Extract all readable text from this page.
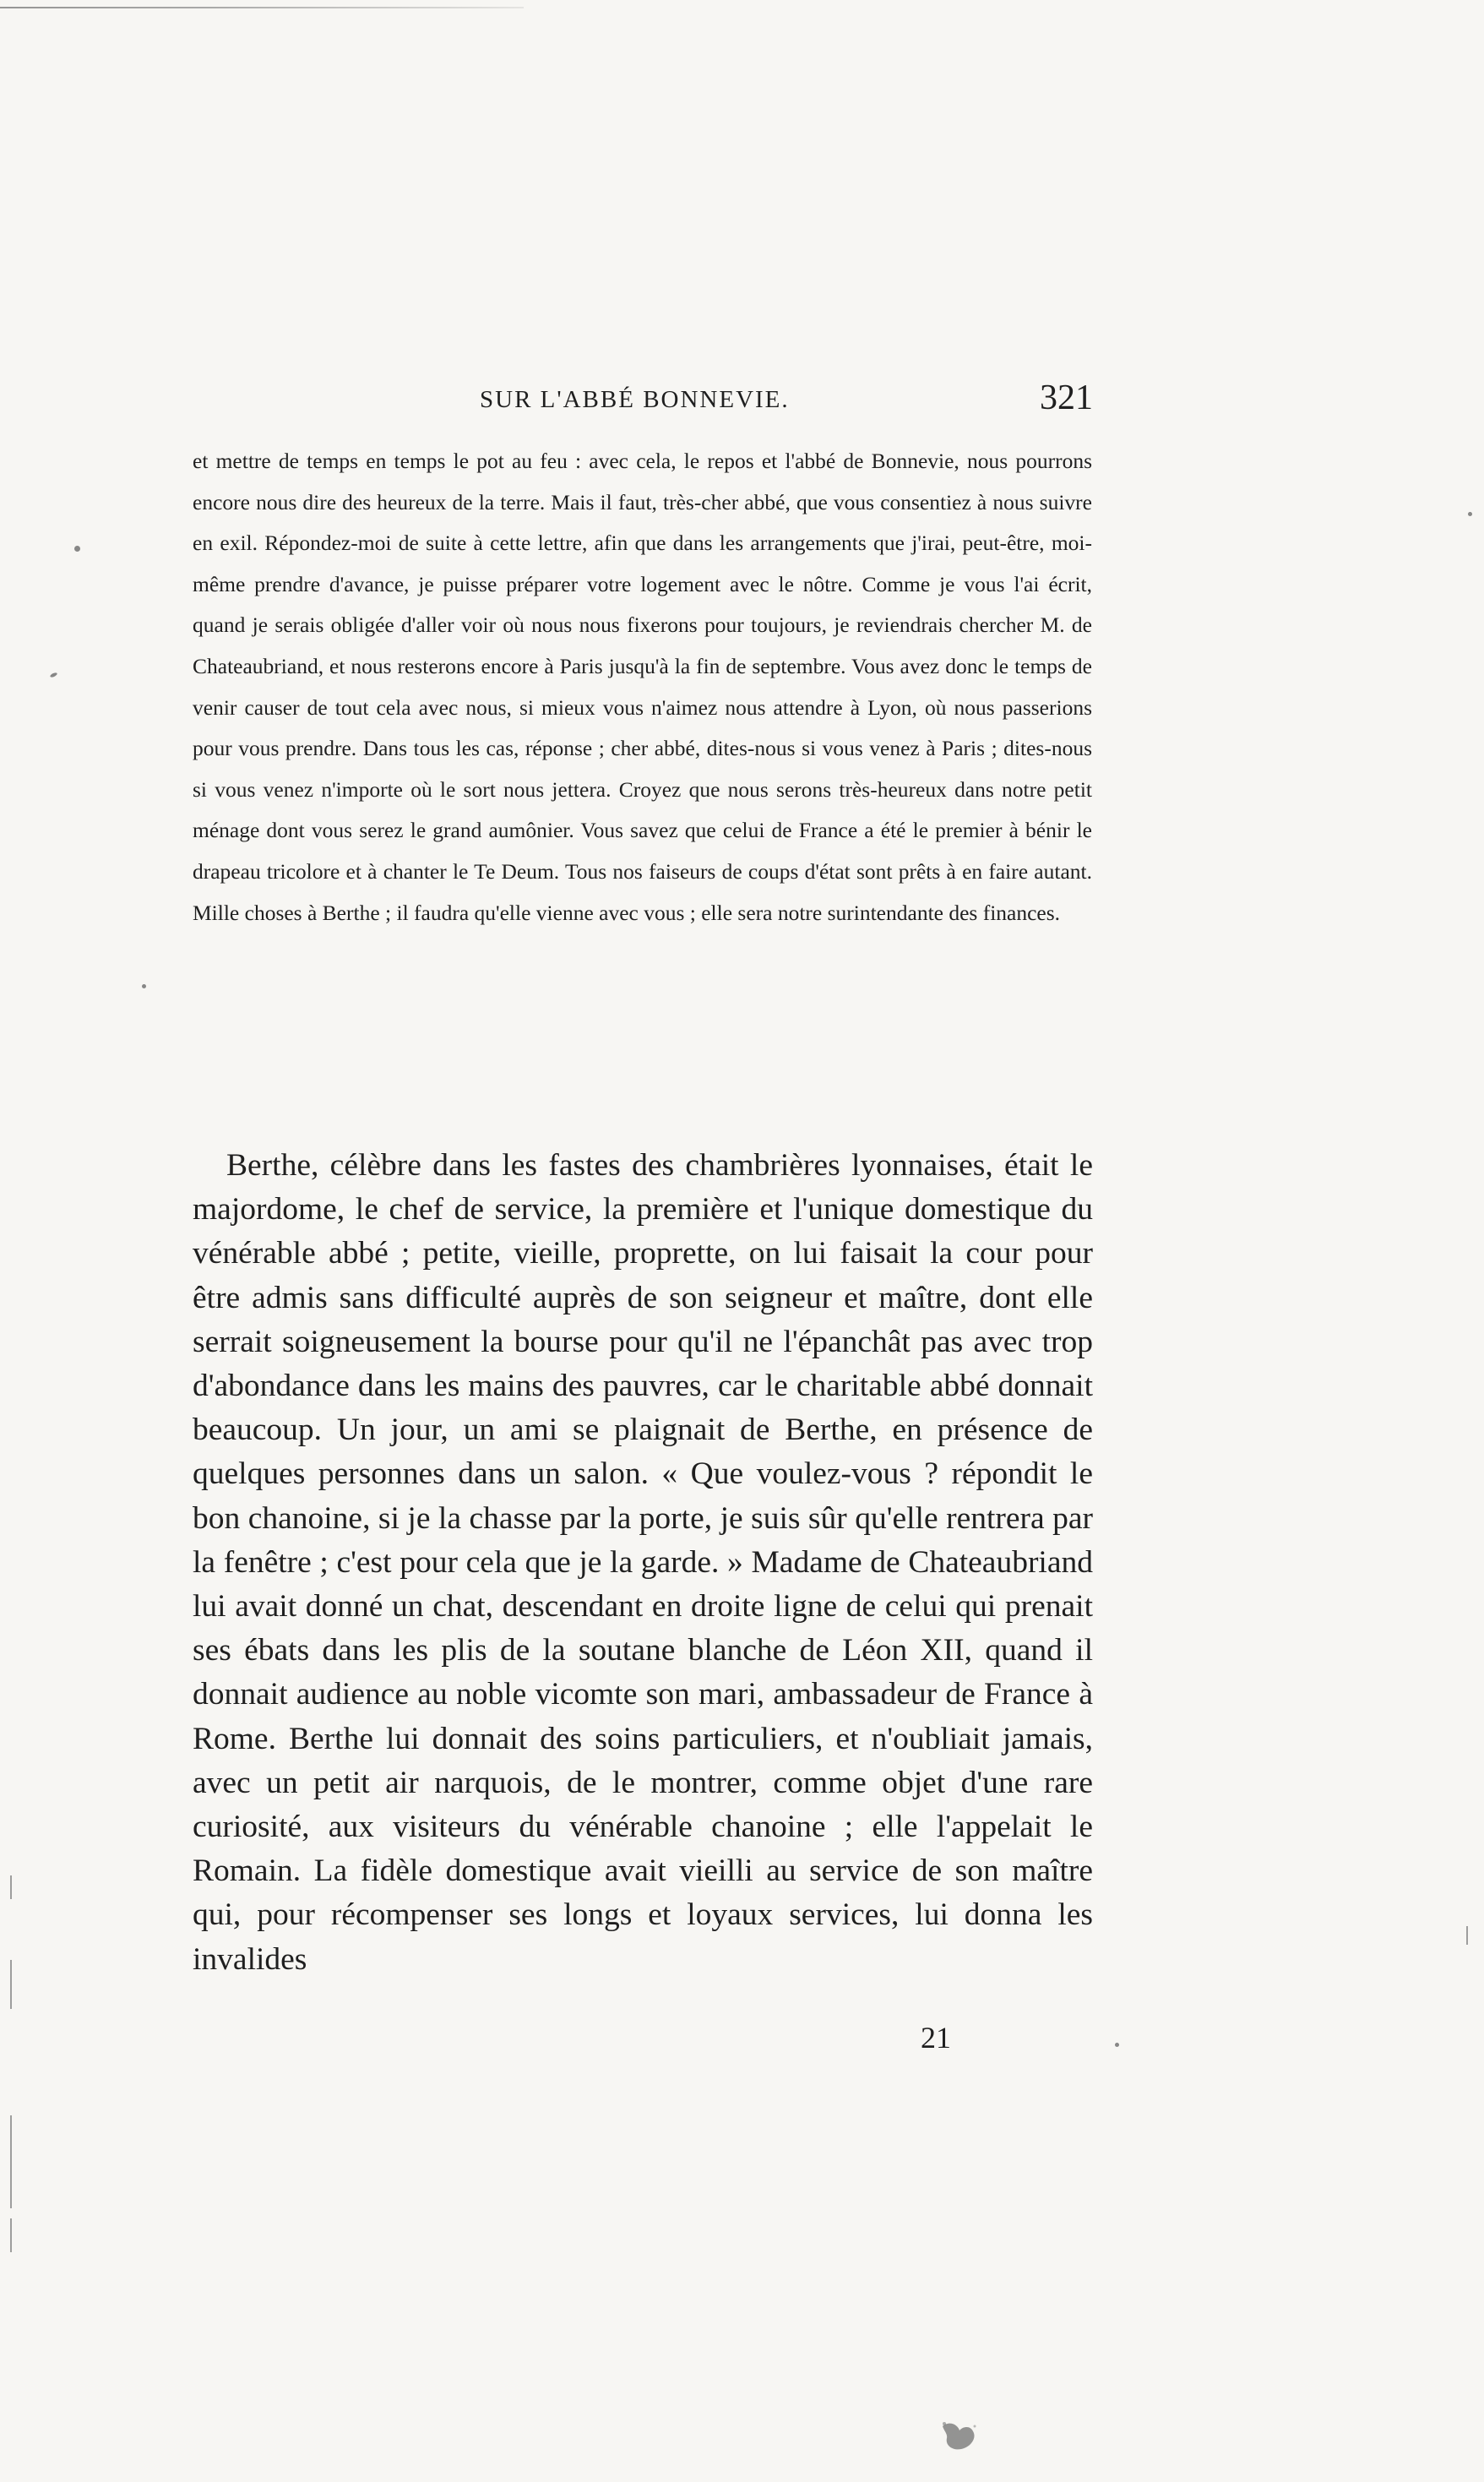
SUR L'ABBÉ BONNEVIE.	321

et mettre de temps en temps le pot au feu : avec cela, le repos et l'abbé de Bonnevie, nous pourrons encore nous dire des heureux de la terre. Mais il faut, très-cher abbé, que vous consentiez à nous suivre en exil. Répondez-moi de suite à cette lettre, afin que dans les arrangements que j'irai, peut-être, moi-même prendre d'avance, je puisse préparer votre logement avec le nôtre. Comme je vous l'ai écrit, quand je serais obligée d'aller voir où nous nous fixerons pour toujours, je reviendrais chercher M. de Chateaubriand, et nous resterons encore à Paris jusqu'à la fin de septembre. Vous avez donc le temps de venir causer de tout cela avec nous, si mieux vous n'aimez nous attendre à Lyon, où nous passerions pour vous prendre. Dans tous les cas, réponse ; cher abbé, dites-nous si vous venez à Paris ; dites-nous si vous venez n'importe où le sort nous jettera. Croyez que nous serons très-heureux dans notre petit ménage dont vous serez le grand aumônier. Vous savez que celui de France a été le premier à bénir le drapeau tricolore et à chanter le Te Deum. Tous nos faiseurs de coups d'état sont prêts à en faire autant. Mille choses à Berthe ; il faudra qu'elle vienne avec vous ; elle sera notre surintendante des finances.

Berthe, célèbre dans les fastes des chambrières lyonnaises, était le majordome, le chef de service, la première et l'unique domestique du vénérable abbé ; petite, vieille, proprette, on lui faisait la cour pour être admis sans difficulté auprès de son seigneur et maître, dont elle serrait soigneusement la bourse pour qu'il ne l'épanchât pas avec trop d'abondance dans les mains des pauvres, car le charitable abbé donnait beaucoup. Un jour, un ami se plaignait de Berthe, en présence de quelques personnes dans un salon. « Que voulez-vous ? répondit le bon chanoine, si je la chasse par la porte, je suis sûr qu'elle rentrera par la fenêtre ; c'est pour cela que je la garde. » Madame de Chateaubriand lui avait donné un chat, descendant en droite ligne de celui qui prenait ses ébats dans les plis de la soutane blanche de Léon XII, quand il donnait audience au noble vicomte son mari, ambassadeur de France à Rome. Berthe lui donnait des soins particuliers, et n'oubliait jamais, avec un petit air narquois, de le montrer, comme objet d'une rare curiosité, aux visiteurs du vénérable chanoine ; elle l'appelait le Romain. La fidèle domestique avait vieilli au service de son maître qui, pour récompenser ses longs et loyaux services, lui donna les invalides

21
